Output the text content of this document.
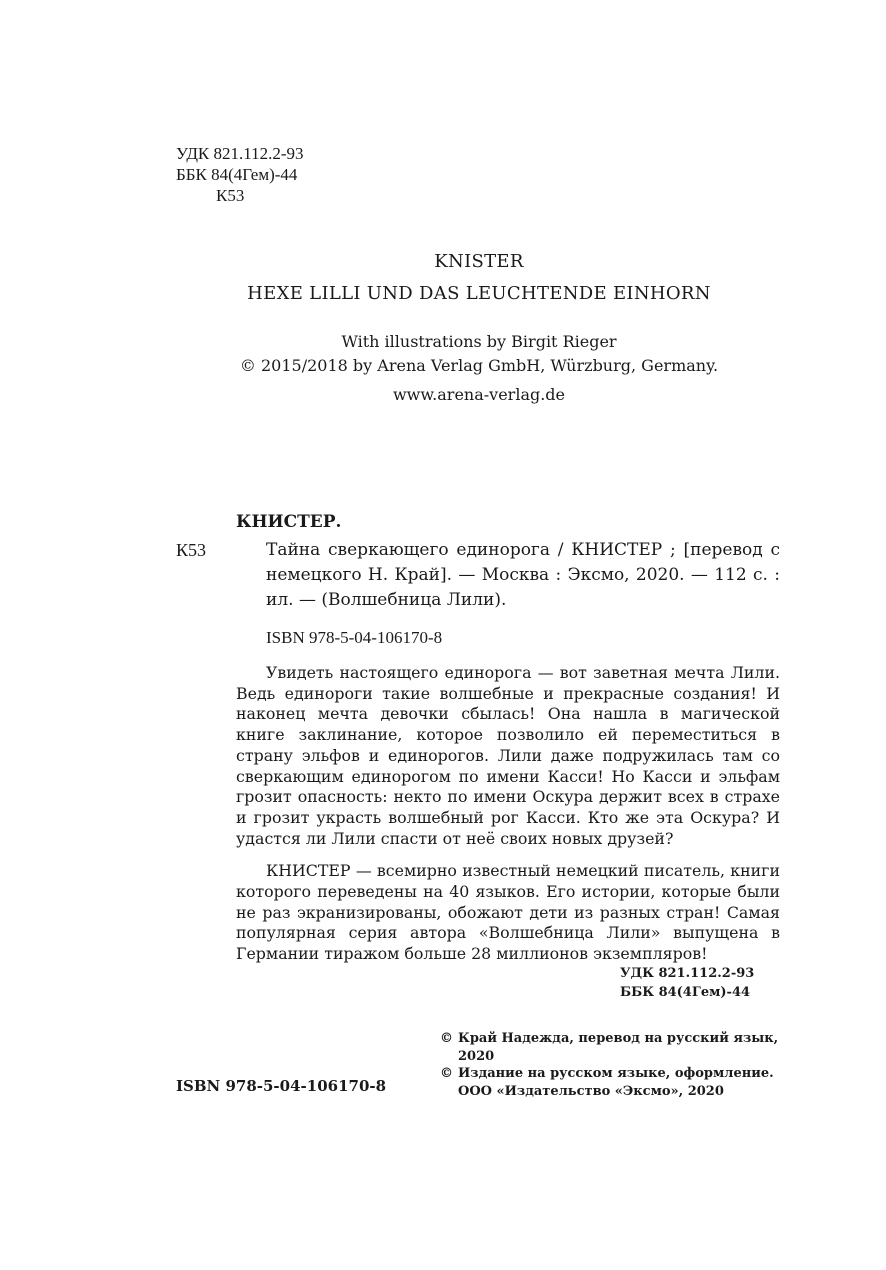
УДК 821.112.2-93
ББК 84(4Гем)-44
К53
KNISTER
HEXE LILLI UND DAS LEUCHTENDE EINHORN
With illustrations by Birgit Rieger
© 2015/2018 by Arena Verlag GmbH, Würzburg, Germany.
www.arena-verlag.de
КНИСТЕР.
К53	Тайна сверкающего единорога / КНИСТЕР ; [перевод с немецкого Н. Край]. — Москва : Эксмо, 2020. — 112 с. : ил. — (Волшебница Лили).
ISBN 978-5-04-106170-8
Увидеть настоящего единорога — вот заветная мечта Лили. Ведь единороги такие волшебные и прекрасные создания! И наконец мечта девочки сбылась! Она нашла в магической книге заклинание, которое позволило ей переместиться в страну эльфов и единорогов. Лили даже подружилась там со сверкающим единорогом по имени Касси! Но Касси и эльфам грозит опасность: некто по имени Оскура держит всех в страхе и грозит украсть волшебный рог Касси. Кто же эта Оскура? И удастся ли Лили спасти от неё своих новых друзей?
КНИСТЕР — всемирно известный немецкий писатель, книги которого переведены на 40 языков. Его истории, которые были не раз экранизированы, обожают дети из разных стран! Самая популярная серия автора «Волшебница Лили» выпущена в Германии тиражом больше 28 миллионов экземпляров!
УДК 821.112.2-93
ББК 84(4Гем)-44
© Край Надежда, перевод на русский язык, 2020
© Издание на русском языке, оформление. ООО «Издательство «Эксмо», 2020
ISBN 978-5-04-106170-8
